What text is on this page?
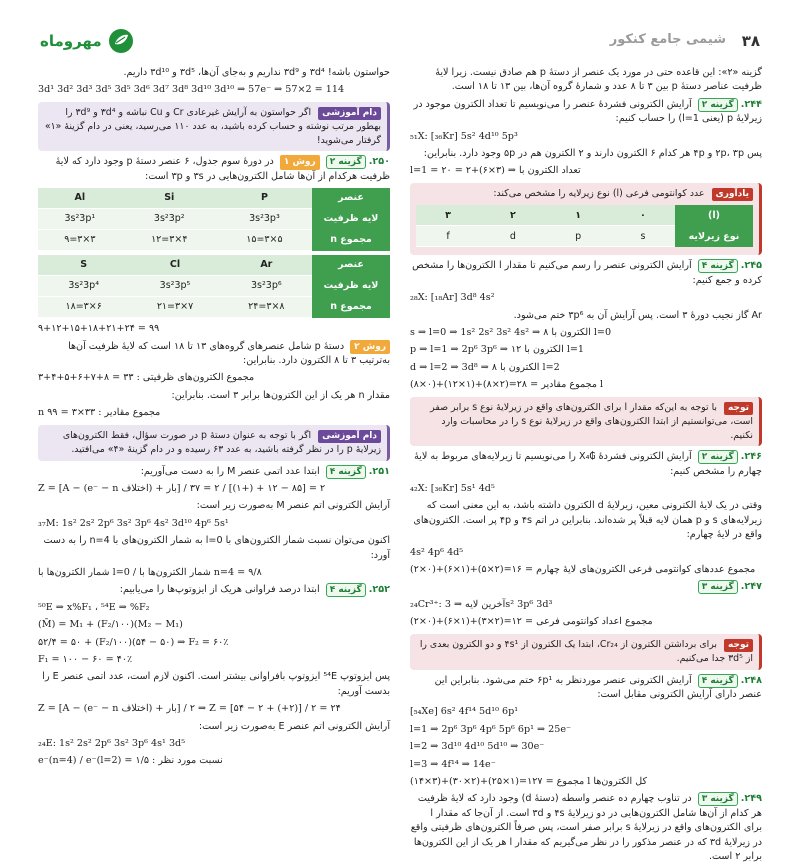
۳۸
شیمی جامع کنکور
مهروماه

گزینه «۲»: این قاعده حتی در مورد یک عنصر از دستهٔ p هم صادق نیست. زیرا لایهٔ ظرفیت عناصر دستهٔ p بین ۳ تا ۸ عدد و شمارهٔ گروه آن‌ها، بین ۱۳ تا ۱۸ است.

۲۴۴. گزینه ۲ آرایش الکترونی فشردهٔ عنصر را می‌نویسیم تا تعداد الکترون موجود در زیرلایهٔ p (یعنی l=1) را حساب کنیم:

₅₁X: [₃₆Kr] 5s² 4d¹⁰ 5p³

پس ۲p، ۳p و ۴p هر کدام ۶ الکترون دارند و ۲ الکترون هم در ۵p وجود دارد. بنابراین:

l=1 = تعداد الکترون با ⇒ (۳×۶)+۲ = ۲۰
یادآوری عدد کوانتومی فرعی (l) نوع زیرلایه را مشخص می‌کند:
(l)	۰	۱	۲	۳
نوع زیرلایه	s	p	d	f

۲۴۵. گزینه ۴ آرایش الکترونی عنصر را رسم می‌کنیم تا مقدار l الکترون‌ها را مشخص کرده و جمع کنیم:

₂₈X: [₁₈Ar] 3d⁸ 4s²

Ar گاز نجیب دورهٔ ۳ است. پس آرایش آن به ۳p⁶ ختم می‌شود.

s ⇒ l=0 ⇒ 1s² 2s² 3s² 4s² ⇒ ۸ الکترون با l=0
p ⇒ l=1 ⇒ 2p⁶ 3p⁶ ⇒ ۱۲ الکترون با l=1
d ⇒ l=2 ⇒ 3d⁸ ⇒ ۸ الکترون با l=2
(۸×۰)+(۱۲×۱)+(۸×۲)=۲۸ = مجموع مقادیر l
توجه با توجه به این‌که مقدار l برای الکترون‌های واقع در زیرلایهٔ نوع s برابر صفر است، می‌توانستیم از ابتدا الکترون‌های واقع در زیرلایهٔ نوع s را در محاسبات وارد نکنیم.

۲۴۶. گزینه ۲ آرایش الکترونی فشردهٔ X₄₲ را می‌نویسیم تا زیرلایه‌های مربوط به لایهٔ چهارم را مشخص کنیم:

₄₂X: [₃₆Kr] 5s¹ 4d⁵

وقتی در یک لایهٔ الکترونی معین، زیرلایهٔ d الکترون داشته باشد، به این معنی است که زیرلایه‌های s و p همان لایه قبلاً پر شده‌اند. بنابراین در اتم ۴s و ۴p پر است. الکترون‌های واقع در لایهٔ چهارم:

4s² 4p⁶ 4d⁵
(۲×۰)+(۶×۱)+(۵×۲)=۱۶ = مجموع عددهای کوانتومی فرعی الکترون‌های لایهٔ چهارم

۲۴۷. گزینه ۳

₂₄Cr³⁺: آخرین لایه ⇒ 3s² 3p⁶ 3d³
(۲×۰)+(۶×۱)+(۳×۲)=۱۲ = مجموع اعداد کوانتومی فرعی
توجه برای برداشتن الکترون از Cr₂₄، ابتدا یک الکترون از ۴s¹ و دو الکترون بعدی را از ۳d⁵ جدا می‌کنیم.

۲۴۸. گزینه ۴ آرایش الکترونی عنصر موردنظر به ۶p¹ ختم می‌شود. بنابراین این عنصر دارای آرایش الکترونی مقابل است:

[₅₄Xe] 6s² 4f¹⁴ 5d¹⁰ 6p¹
l=1 ⇒ 2p⁶ 3p⁶ 4p⁶ 5p⁶ 6p¹ ⇒ 25e⁻
l=2 ⇒ 3d¹⁰ 4d¹⁰ 5d¹⁰ ⇒ 30e⁻
l=3 ⇒ 4f¹⁴ ⇒ 14e⁻
(۱۴×۳)+(۳۰×۲)+(۲۵×۱)=۱۲۷ = مجموع l کل الکترون‌ها

۲۴۹. گزینه ۳ در تناوب چهارم ده عنصر واسطه (دستهٔ d) وجود دارد که لایهٔ ظرفیت هر کدام از آن‌ها شامل الکترون‌هایی در دو زیرلایهٔ ۴s و ۳d است. از آن‌جا که مقدار l برای الکترون‌های واقع در زیرلایهٔ s برابر صفر است، پس صرفاً الکترون‌های ظرفیتی واقع در زیرلایهٔ ۳d که در عنصر مذکور را در نظر می‌گیریم که مقدار l هر یک از این الکترون‌ها برابر ۲ است.

حواستون باشه! ۳d⁴ و ۳d⁹ نداریم و به‌جای آن‌ها، ۳d⁵ و ۳d¹⁰ داریم.

3d¹ 3d² 3d³ 3d⁵ 3d⁵ 3d⁶ 3d⁷ 3d⁸ 3d¹⁰ 3d¹⁰ ⇒ 57e⁻ ⇒ 57×2 = 114
دام آموزشی اگر حواستون به آرایش غیرعادی Cr و Cu نباشه و ۳d⁴ و ۳d⁹ را بهطور مرتب نوشته و حساب کرده باشید، به عدد ۱۱۰ می‌رسید، یعنی در دام گزینهٔ «۱» گرفتار می‌شوید!

۲۵۰. گزینه ۲ روش ۱ در دورهٔ سوم جدول، ۶ عنصر دستهٔ p وجود دارد که لایهٔ ظرفیت هرکدام از آن‌ها شامل الکترون‌هایی در ۳s و ۳p است:

عنصر	P	Si	Al
لایه ظرفیت	3s²3p³	3s²3p²	3s²3p¹
مجموع n	۵×۳=۱۵	۴×۳=۱۲	۳×۳=۹
عنصر	Ar	Cl	S
لایه ظرفیت	3s²3p⁶	3s²3p⁵	3s²3p⁴
مجموع n	۸×۳=۲۴	۷×۳=۲۱	۶×۳=۱۸
۹+۱۲+۱۵+۱۸+۲۱+۲۴ = ۹۹

روش ۲ دستهٔ p شامل عنصرهای گروه‌های ۱۳ تا ۱۸ است که لایهٔ ظرفیت آن‌ها به‌ترتیب ۳ تا ۸ الکترون دارد. بنابراین:

۳+۴+۵+۶+۷+۸ = ۳۳ : مجموع الکترون‌های ظرفیتی

مقدار n هر یک از این الکترون‌ها برابر ۳ است. بنابراین:

n مجموع مقادیر : ۳۳×۳ = ۹۹
دام آموزشی اگر با توجه به عنوان دستهٔ p در صورت سؤال، فقط الکترون‌های زیرلایهٔ p را در نظر گرفته باشید، به عدد ۶۳ رسیده و در دام گزینهٔ «۴» می‌افتید.

۲۵۱. گزینه ۴ ابتدا عدد اتمی عنصر M را به دست می‌آوریم:

Z = [A − (e⁻ − n اختلاف) + بار] / ۲ = [۸۵ − ۱۲ + (+۱)] / ۲ = ۳۷

آرایش الکترونی اتم عنصر M به‌صورت زیر است:

₃₇M: 1s² 2s² 2p⁶ 3s² 3p⁶ 4s² 3d¹⁰ 4p⁶ 5s¹

اکنون می‌توان نسبت شمار الکترون‌های با l=0 به شمار الکترون‌های با n=4 را به دست آورد:

شمار الکترون‌ها با l=0 / شمار الکترون‌ها با n=4 = ۹/۸

۲۵۲. گزینه ۴ ابتدا درصد فراوانی هریک از ایزوتوپ‌ها را می‌یابیم:

⁵⁰E ⇒ x%F₁ ، ⁵⁴E ⇒ %F₂
(M̄) = M₁ + (F₂/۱۰۰)(M₂ − M₁)
۵۲/۴ = ۵۰ + (F₂/۱۰۰)(۵۴ − ۵۰) ⇒ F₂ = ۶۰٪
F₁ = ۱۰۰ − ۶۰ = ۴۰٪

پس ایزوتوپ ⁵⁴E ایزوتوپ بافراوانی بیشتر است. اکنون لازم است، عدد اتمی عنصر E را بدست آوریم:

Z = [A − (e⁻ − n اختلاف) + بار] / ۲ ⇒ Z = [۵۴ − ۲ + (+۲)] / ۲ = ۲۴

آرایش الکترونی اتم عنصر E به‌صورت زیر است:

₂₄E: 1s² 2s² 2p⁶ 3s² 3p⁶ 4s¹ 3d⁵
e⁻(n=4) / e⁻(l=2) = ۱/۵ : نسبت مورد نظر
